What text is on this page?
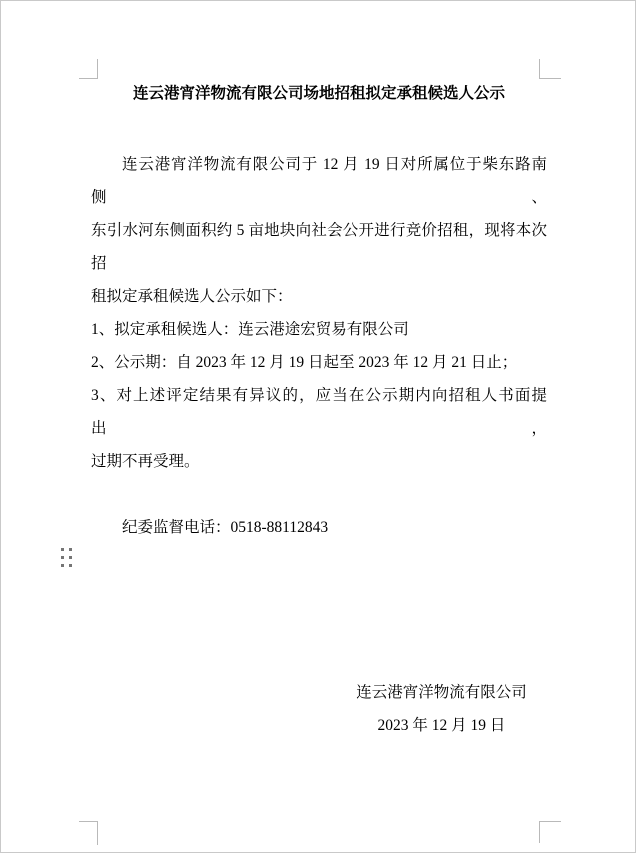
连云港宵洋物流有限公司场地招租拟定承租候选人公示

连云港宵洋物流有限公司于 12 月 19 日对所属位于柴东路南侧、

东引水河东侧面积约 5 亩地块向社会公开进行竞价招租，现将本次招

租拟定承租候选人公示如下：

1、拟定承租候选人：连云港途宏贸易有限公司

2、公示期：自 2023 年 12 月 19 日起至 2023 年 12 月 21 日止；

3、对上述评定结果有异议的，应当在公示期内向招租人书面提出，

过期不再受理。

纪委监督电话：0518-88112843

连云港宵洋物流有限公司

2023 年 12 月 19 日
